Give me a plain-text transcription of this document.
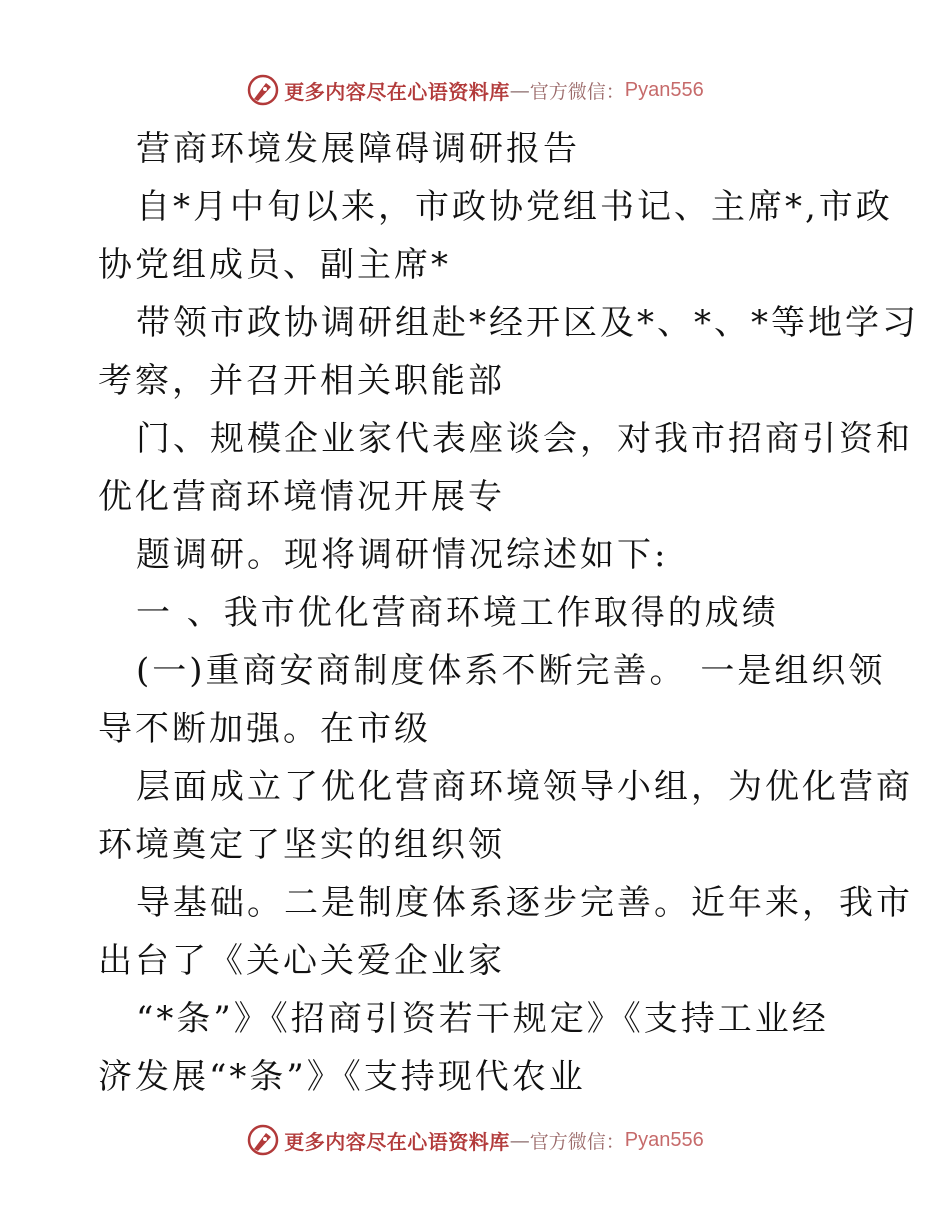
更多内容尽在心语资料库 — 官方微信： Pyan556
营商环境发展障碍调研报告
自*月中旬以来，市政协党组书记、主席*,市政
协党组成员、副主席*
带领市政协调研组赴*经开区及*、*、*等地学习
考察，并召开相关职能部
门、规模企业家代表座谈会，对我市招商引资和
优化营商环境情况开展专
题调研。现将调研情况综述如下:
一 、我市优化营商环境工作取得的成绩
(一)重商安商制度体系不断完善。 一是组织领
导不断加强。在市级
层面成立了优化营商环境领导小组，为优化营商
环境奠定了坚实的组织领
导基础。二是制度体系逐步完善。近年来，我市
出台了《关心关爱企业家
“*条”》《招商引资若干规定》《支持工业经
济发展“*条”》《支持现代农业
更多内容尽在心语资料库 — 官方微信： Pyan556
